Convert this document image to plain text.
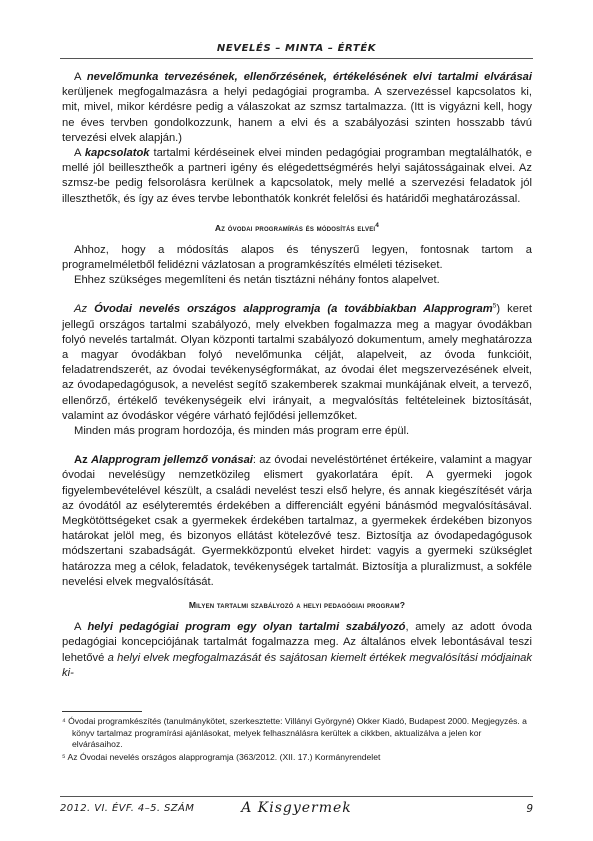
NEVELÉS – MINTA – ÉRTÉK

A nevelőmunka tervezésének, ellenőrzésének, értékelésének elvi tartalmi elvárásai kerüljenek megfogalmazásra a helyi pedagógiai programba. A szervezéssel kapcsolatos ki, mit, mivel, mikor kérdésre pedig a válaszokat az szmsz tartalmazza. (Itt is vigyázni kell, hogy ne éves tervben gondolkozzunk, hanem a elvi és a szabályozási szinten hosszabb távú tervezési elvek alapján.)

A kapcsolatok tartalmi kérdéseinek elvei minden pedagógiai programban megtalálhatók, e mellé jól beillesztheők a partneri igény és elégedettségmérés helyi sajátosságainak elvei. Az szmsz-be pedig felsorolásra kerülnek a kapcsolatok, mely mellé a szervezési feladatok jól illeszthetők, és így az éves tervbe lebonthatók konkrét felelősi és határidői meghatározással.

Az óvodai programírás és módosítás elvei$^4$

Ahhoz, hogy a módosítás alapos és tényszerű legyen, fontosnak tartom a programelméletből felidézni vázlatosan a programkészítés elméleti téziseket.

Ehhez szükséges megemlíteni és netán tisztázni néhány fontos alapelvet.

Az Óvodai nevelés országos alapprogramja (a továbbiakban Alapprogram$^5$) keret jellegű országos tartalmi szabályozó, mely elvekben fogalmazza meg a magyar óvodákban folyó nevelés tartalmát. Olyan központi tartalmi szabályozó dokumentum, amely meghatározza a magyar óvodákban folyó nevelőmunka célját, alapelveit, az óvoda funkcióit, feladatrendszerét, az óvodai tevékenységformákat, az óvodai élet megszervezésének elveit, az óvodapedagógusok, a nevelést segítő szakemberek szakmai munkájának elveit, a tervező, ellenőrző, értékelő tevékenységeik elvi irányait, a megvalósítás feltételeinek biztosítását, valamint az óvodáskor végére várható fejlődési jellemzőket.

Minden más program hordozója, és minden más program erre épül.

Az Alapprogram jellemző vonásai: az óvodai neveléstörténet értékeire, valamint a magyar óvodai nevelésügy nemzetközileg elismert gyakorlatára épít. A gyermeki jogok figyelembevételével készült, a családi nevelést teszi első helyre, és annak kiegészítését várja az óvodától az esélyteremtés érdekében a differenciált egyéni bánásmód megvalósításával. Megkötöttségeket csak a gyermekek érdekében tartalmaz, a gyermekek érdekében bizonyos határokat jelöl meg, és bizonyos ellátást kötelezővé tesz. Biztosítja az óvodapedagógusok módszertani szabadságát. Gyermekközpontú elveket hirdet: vagyis a gyermeki szükséglet határozza meg a célok, feladatok, tevékenységek tartalmát. Biztosítja a pluralizmust, a sokféle nevelési elvek megvalósítását.

Milyen tartalmi szabályozó a helyi pedagógiai program?

A helyi pedagógiai program egy olyan tartalmi szabályozó, amely az adott óvoda pedagógiai koncepciójának tartalmát fogalmazza meg. Az általános elvek lebontásával teszi lehetővé a helyi elvek megfogalmazását és sajátosan kiemelt értékek megvalósítási módjainak ki-

⁴ Óvodai programkészítés (tanulmánykötet, szerkesztette: Villányi Györgyné) Okker Kiadó, Budapest 2000. Megjegyzés. a könyv tartalmaz programírási ajánlásokat, melyek felhasználásra kerültek a cikkben, aktualizálva a jelen kor elvárásaihoz.

⁵ Az Óvodai nevelés országos alapprogramja (363/2012. (XII. 17.) Kormányrendelet

2012. VI. ÉVF. 4–5. SZÁM	A Kisgyermek	9
